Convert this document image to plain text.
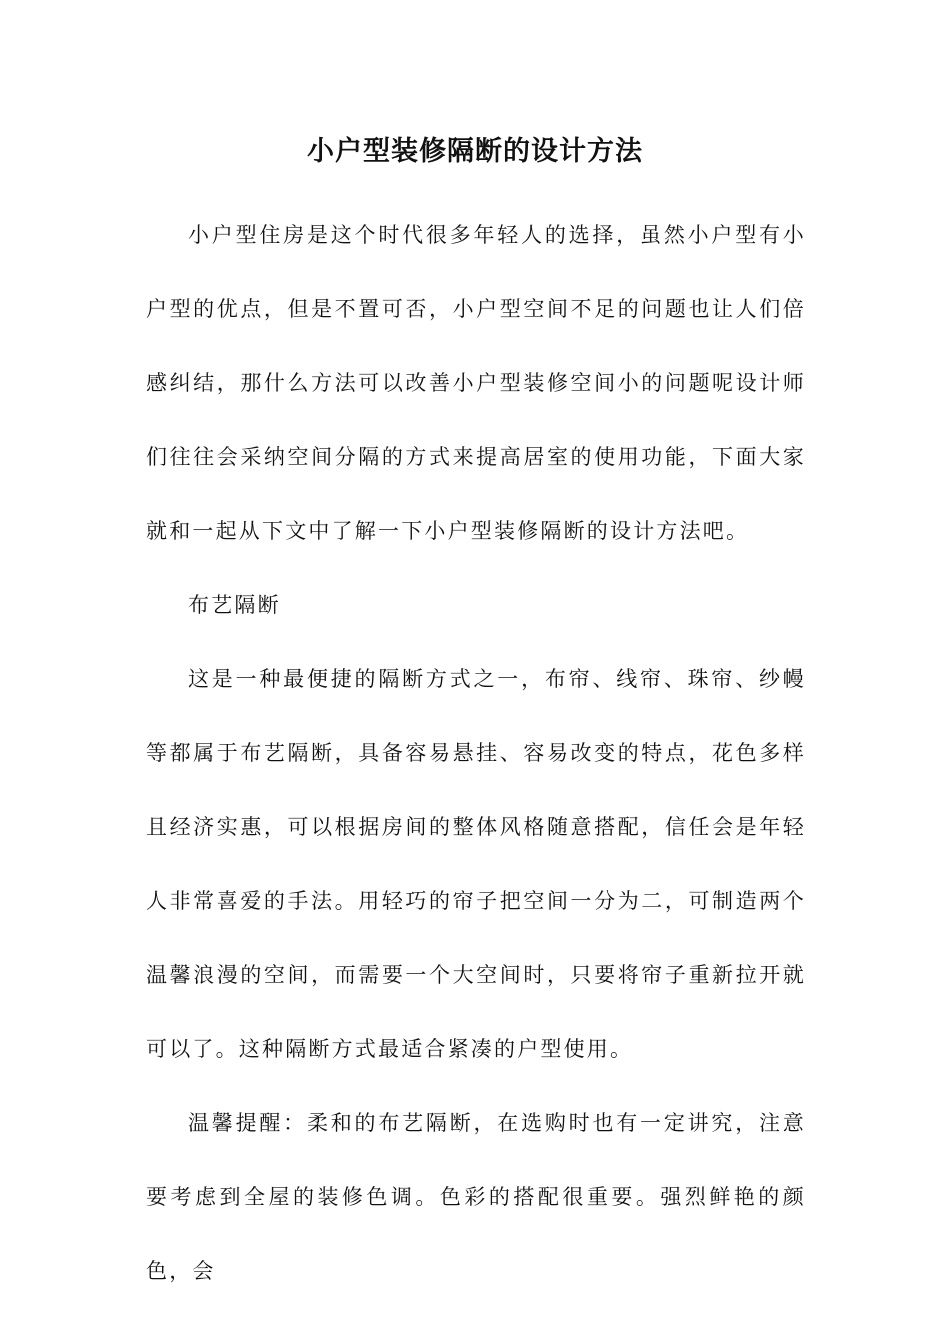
小户型装修隔断的设计方法

小户型住房是这个时代很多年轻人的选择，虽然小户型有小户型的优点，但是不置可否，小户型空间不足的问题也让人们倍感纠结，那什么方法可以改善小户型装修空间小的问题呢设计师们往往会采纳空间分隔的方式来提高居室的使用功能，下面大家就和一起从下文中了解一下小户型装修隔断的设计方法吧。

布艺隔断

这是一种最便捷的隔断方式之一，布帘、线帘、珠帘、纱幔等都属于布艺隔断，具备容易悬挂、容易改变的特点，花色多样且经济实惠，可以根据房间的整体风格随意搭配，信任会是年轻人非常喜爱的手法。用轻巧的帘子把空间一分为二，可制造两个温馨浪漫的空间，而需要一个大空间时，只要将帘子重新拉开就可以了。这种隔断方式最适合紧凑的户型使用。

温馨提醒：柔和的布艺隔断，在选购时也有一定讲究，注意要考虑到全屋的装修色调。色彩的搭配很重要。强烈鲜艳的颜色，会
